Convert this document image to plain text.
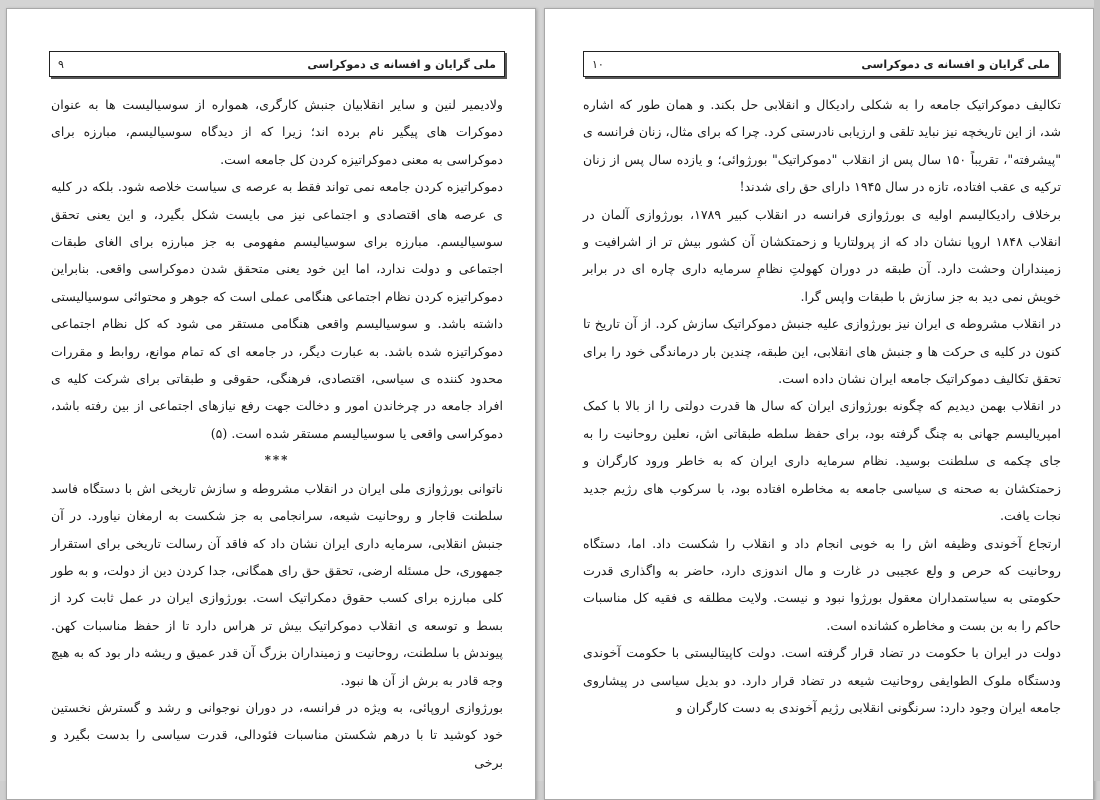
۹	ملی گرایان و افسانه ی دموکراسی

ولادیمیر لنین و سایر انقلابیان جنبش کارگری، همواره از سوسیالیست ها به عنوان دموکرات های پیگیر نام برده اند؛ زیرا که از دیدگاه سوسیالیسم، مبارزه برای دموکراسی به معنی دموکراتیزه کردن کل جامعه است.

دموکراتیزه کردن جامعه نمی تواند فقط به عرصه ی سیاست خلاصه شود. بلکه در کلیه ی عرصه های اقتصادی و اجتماعی نیز می بایست شکل بگیرد، و این یعنی تحقق سوسیالیسم. مبارزه برای سوسیالیسم مفهومی به جز مبارزه برای الغای طبقات اجتماعی و دولت ندارد، اما این خود یعنی متحقق شدن دموکراسی واقعی. بنابراین دموکراتیزه کردن نظام اجتماعی هنگامی عملی است که جوهر و محتوائی سوسیالیستی داشته باشد. و سوسیالیسم واقعی هنگامی مستقر می شود که کل نظام اجتماعی دموکراتیزه شده باشد. به عبارت دیگر، در جامعه ای که تمام موانع، روابط و مقررات محدود کننده ی سیاسی، اقتصادی، فرهنگی، حقوقی و طبقاتی برای شرکت کلیه ی افراد جامعه در چرخاندن امور و دخالت جهت رفع نیازهای اجتماعی از بین رفته باشد، دموکراسی واقعی یا سوسیالیسم مستقر شده است. (۵)

***

ناتوانی بورژوازی ملی ایران در انقلاب مشروطه و سازش تاریخی اش با دستگاه فاسد سلطنت قاجار و روحانیت شیعه، سرانجامی به جز شکست به ارمغان نیاورد. در آن جنبش انقلابی، سرمایه داری ایران نشان داد که فاقد آن رسالت تاریخی برای استقرار جمهوری، حل مسئله ارضی، تحقق حق رای همگانی، جدا کردن دین از دولت، و به طور کلی مبارزه برای کسب حقوق دمکراتیک است. بورژوازی ایران در عمل ثابت کرد از بسط و توسعه ی انقلاب دموکراتیک بیش تر هراس دارد تا از حفظ مناسبات کهن. پیوندش با سلطنت، روحانیت و زمینداران بزرگ آن قدر عمیق و ریشه دار بود که به هیچ وجه قادر به برش از آن ها نبود.

بورژوازی اروپائی، به ویژه در فرانسه، در دوران نوجوانی و رشد و گسترش نخستین خود کوشید تا با درهم شکستن مناسبات فئودالی، قدرت سیاسی را بدست بگیرد و برخی

۱۰	ملی گرایان و افسانه ی دموکراسی

تکالیف دموکراتیک جامعه را به شکلی رادیکال و انقلابی حل بکند. و همان طور که اشاره شد، از این تاریخچه نیز نباید تلقی و ارزیابی نادرستی کرد. چرا که برای مثال، زنان فرانسه ی "پیشرفته"، تقریباً ۱۵۰ سال پس از انقلاب "دموکراتیک" بورژوائی؛ و یازده سال پس از زنان ترکیه ی عقب افتاده، تازه در سال ۱۹۴۵ دارای حق رای شدند!

برخلاف رادیکالیسم اولیه ی بورژوازی فرانسه در انقلاب کبیر ۱۷۸۹، بورژوازی آلمان در انقلاب ۱۸۴۸ اروپا نشان داد که از پرولتاریا و زحمتکشان آن کشور بیش تر از اشرافیت و زمینداران وحشت دارد. آن طبقه در دوران کهولتِ نظامِ سرمایه داری چاره ای در برابر خویش نمی دید به جز سازش با طبقات واپس گرا.

در انقلاب مشروطه ی ایران نیز بورژوازی علیه جنبش دموکراتیک سازش کرد. از آن تاریخ تا کنون در کلیه ی حرکت ها و جنبش های انقلابی، این طبقه، چندین بار درماندگی خود را برای تحقق تکالیف دموکراتیک جامعه ایران نشان داده است.

در انقلاب بهمن دیدیم که چگونه بورژوازی ایران که سال ها قدرت دولتی را از بالا با کمک امپریالیسم جهانی به چنگ گرفته بود، برای حفظ سلطه طبقاتی اش، نعلین روحانیت را به جای چکمه ی سلطنت بوسید. نظام سرمایه داری ایران که به خاطر ورود کارگران و زحمتکشان به صحنه ی سیاسی جامعه به مخاطره افتاده بود، با سرکوب های رژیم جدید نجات یافت.

ارتجاع آخوندی وظیفه اش را به خوبی انجام داد و انقلاب را شکست داد. اما، دستگاه روحانیت که حرص و ولع عجیبی در غارت و مال اندوزی دارد، حاضر به واگذاری قدرت حکومتی به سیاستمداران معقول بورژوا نبود و نیست. ولایت مطلقه ی فقیه کل مناسبات حاکم را به بن بست و مخاطره کشانده است.

دولت در ایران با حکومت در تضاد قرار گرفته است. دولت کاپیتالیستی با حکومت آخوندی ودستگاه ملوک الطوایفی روحانیت شیعه در تضاد قرار دارد. دو بدیل سیاسی در پیشاروی جامعه ایران وجود دارد: سرنگونی انقلابی رژیم آخوندی به دست کارگران و
